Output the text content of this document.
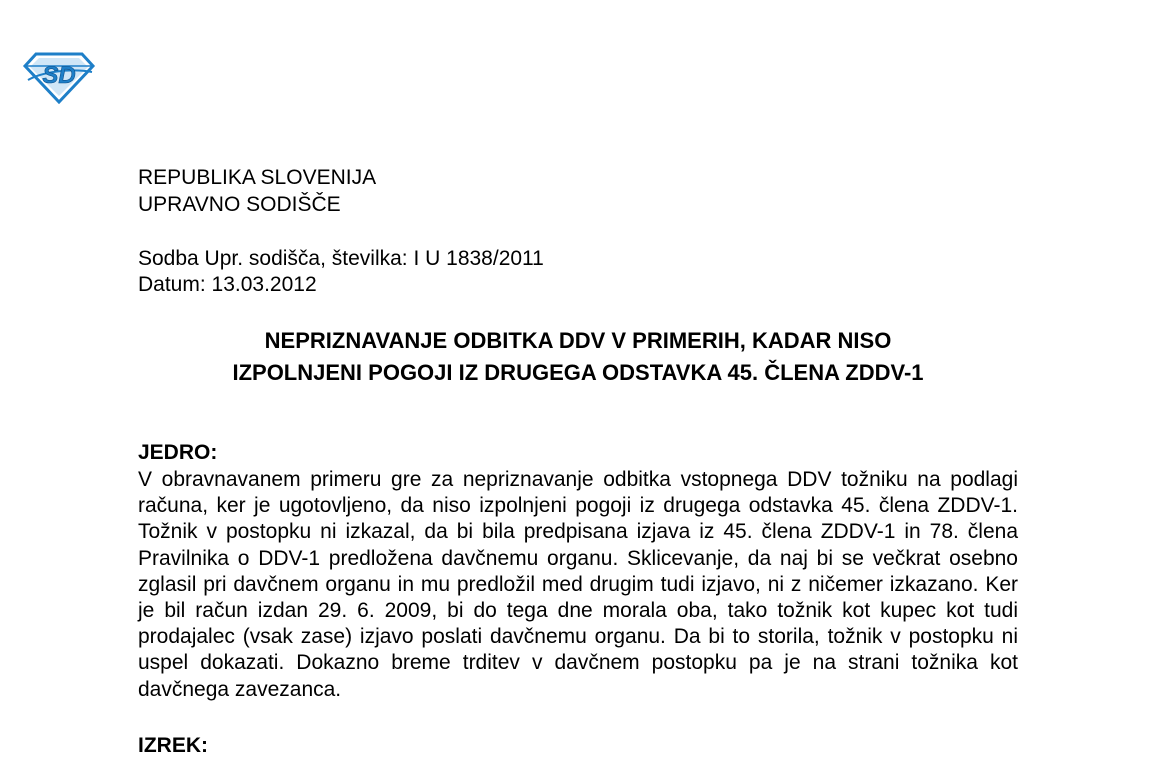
SD
REPUBLIKA SLOVENIJA
UPRAVNO SODIŠČE
Sodba Upr. sodišča, številka: I U 1838/2011
Datum: 13.03.2012
NEPRIZNAVANJE ODBITKA DDV V PRIMERIH, KADAR NISO
IZPOLNJENI POGOJI IZ DRUGEGA ODSTAVKA 45. ČLENA ZDDV-1
JEDRO:
V obravnavanem primeru gre za nepriznavanje odbitka vstopnega DDV tožniku na podlagi računa, ker je ugotovljeno, da niso izpolnjeni pogoji iz drugega odstavka 45. člena ZDDV-1. Tožnik v postopku ni izkazal, da bi bila predpisana izjava iz 45. člena ZDDV-1 in 78. člena Pravilnika o DDV-1 predložena davčnemu organu. Sklicevanje, da naj bi se večkrat osebno zglasil pri davčnem organu in mu predložil med drugim tudi izjavo, ni z ničemer izkazano. Ker je bil račun izdan 29. 6. 2009, bi do tega dne morala oba, tako tožnik kot kupec kot tudi prodajalec (vsak zase) izjavo poslati davčnemu organu. Da bi to storila, tožnik v postopku ni uspel dokazati. Dokazno breme trditev v davčnem postopku pa je na strani tožnika kot davčnega zavezanca.
IZREK:
